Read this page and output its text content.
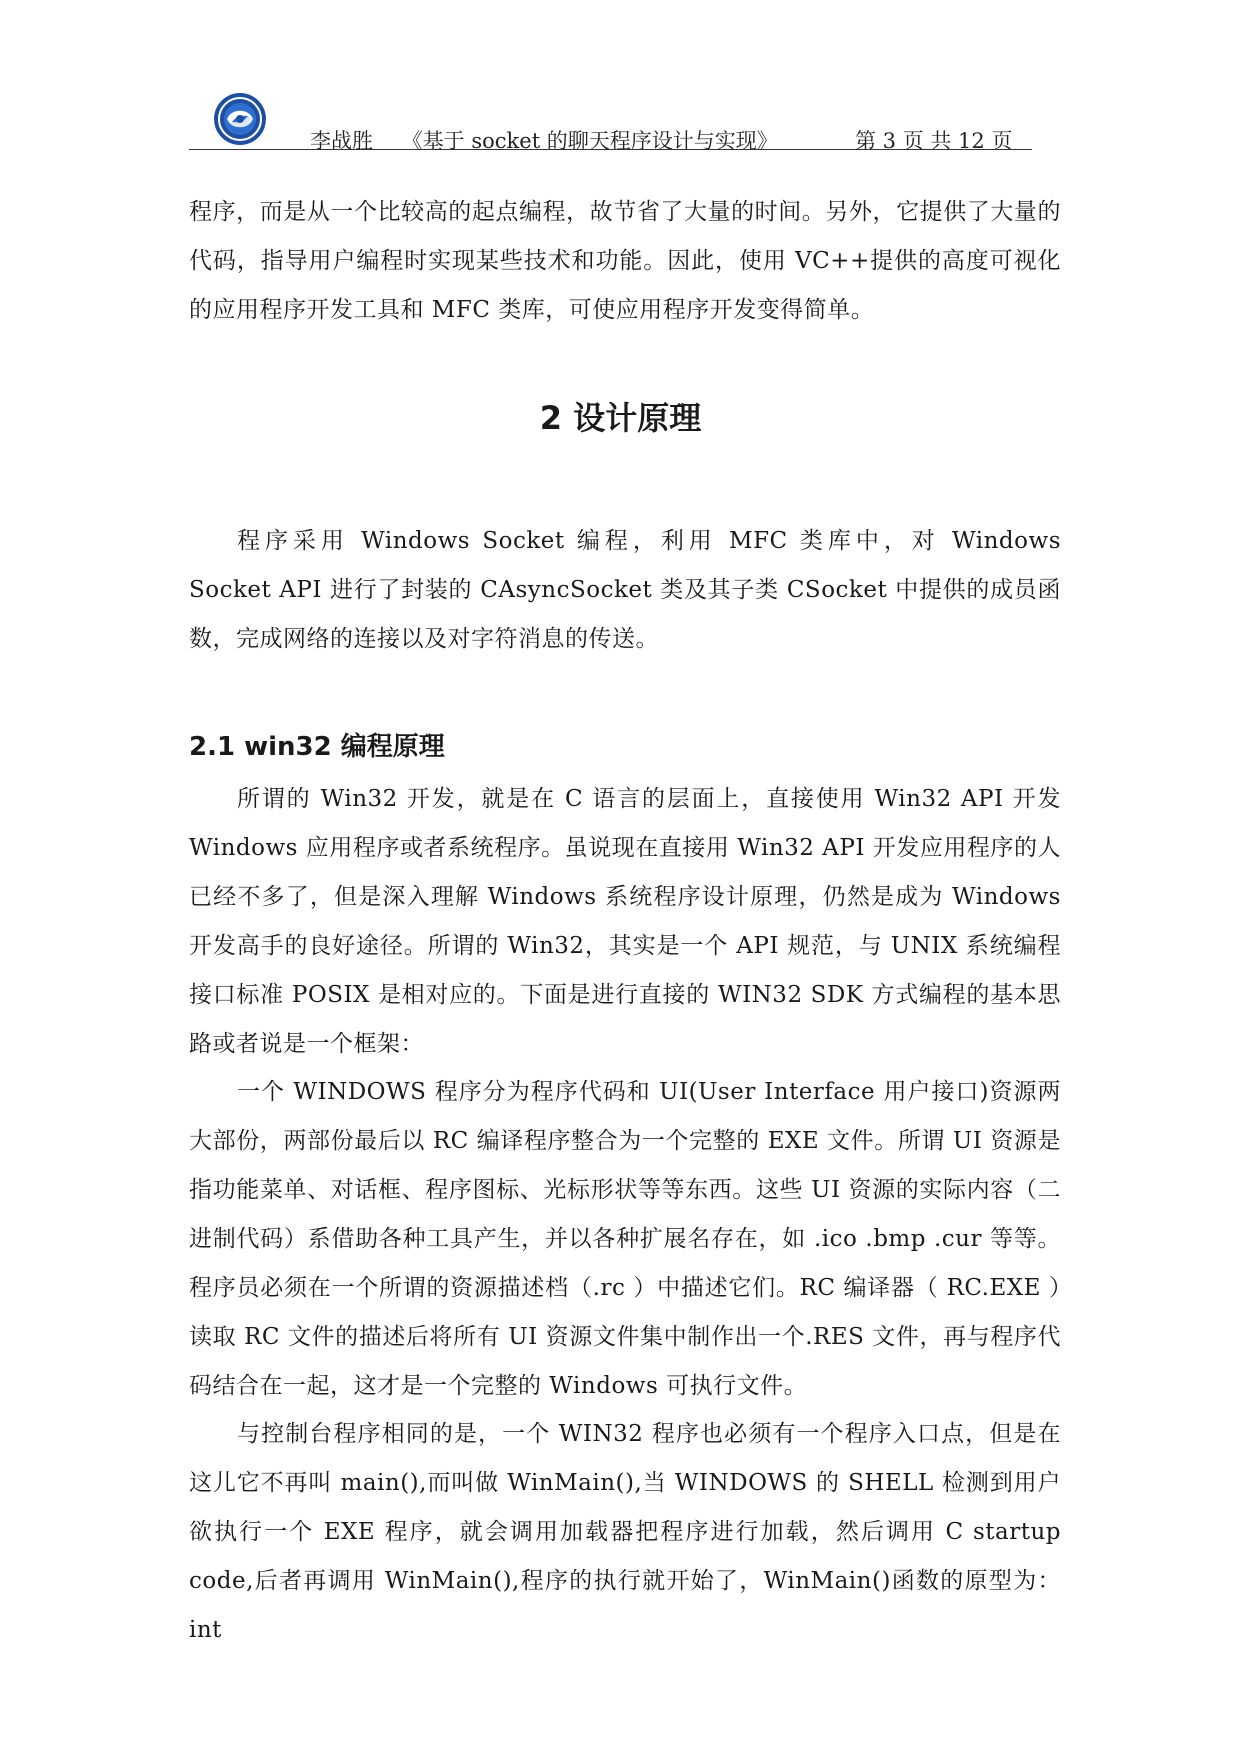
李战胜 《基于 socket 的聊天程序设计与实现》	第 3 页 共 12 页

程序，而是从一个比较高的起点编程，故节省了大量的时间。另外，它提供了大量的代码，指导用户编程时实现某些技术和功能。因此，使用 VC++提供的高度可视化的应用程序开发工具和 MFC 类库，可使应用程序开发变得简单。

2 设计原理

程序采用 Windows Socket 编程，利用 MFC 类库中，对 Windows Socket API 进行了封装的 CAsyncSocket 类及其子类 CSocket 中提供的成员函数，完成网络的连接以及对字符消息的传送。

2.1 win32 编程原理

所谓的 Win32 开发，就是在 C 语言的层面上，直接使用 Win32 API 开发 Windows 应用程序或者系统程序。虽说现在直接用 Win32 API 开发应用程序的人已经不多了，但是深入理解 Windows 系统程序设计原理，仍然是成为 Windows 开发高手的良好途径。所谓的 Win32，其实是一个 API 规范，与 UNIX 系统编程接口标准 POSIX 是相对应的。下面是进行直接的 WIN32 SDK 方式编程的基本思路或者说是一个框架：

一个 WINDOWS 程序分为程序代码和 UI(User Interface 用户接口)资源两大部份，两部份最后以 RC 编译程序整合为一个完整的 EXE 文件。所谓 UI 资源是指功能菜单、对话框、程序图标、光标形状等等东西。这些 UI 资源的实际内容（二进制代码）系借助各种工具产生，并以各种扩展名存在，如 .ico .bmp .cur 等等。程序员必须在一个所谓的资源描述档（.rc ）中描述它们。RC 编译器（ RC.EXE ）读取 RC 文件的描述后将所有 UI 资源文件集中制作出一个.RES 文件，再与程序代码结合在一起，这才是一个完整的 Windows 可执行文件。

与控制台程序相同的是，一个 WIN32 程序也必须有一个程序入口点，但是在这儿它不再叫 main(),而叫做 WinMain(),当 WINDOWS 的 SHELL 检测到用户欲执行一个 EXE 程序，就会调用加载器把程序进行加载，然后调用 C startup code,后者再调用 WinMain(),程序的执行就开始了，WinMain()函数的原型为：int
